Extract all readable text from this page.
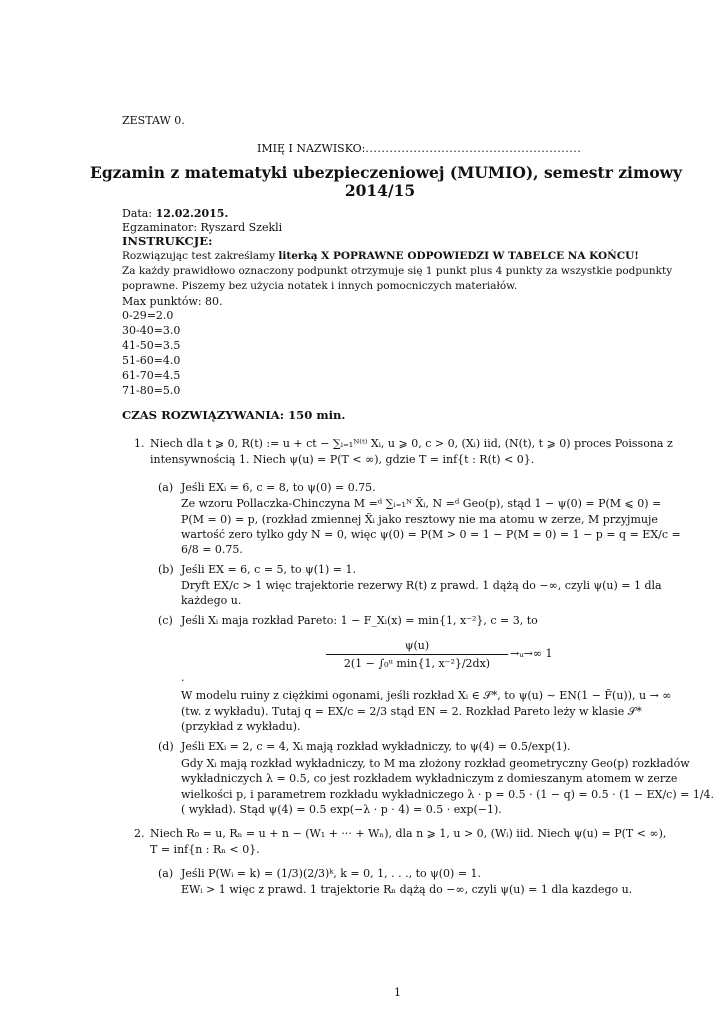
ZESTAW 0.
IMIĘ I NAZWISKO:......................................................
Egzamin z matematyki ubezpieczeniowej (MUMIO), semestr zimowy
2014/15
Data: 12.02.2015.
Egzaminator: Ryszard Szekli
INSTRUKCJE:
Rozwiązując test zakreślamy literką X POPRAWNE ODPOWIEDZI W TABELCE NA KOŃCU!
Za każdy prawidłowo oznaczony podpunkt otrzymuje się 1 punkt plus 4 punkty za wszystkie podpunkty
poprawne. Piszemy bez użycia notatek i innych pomocniczych materiałów.
Max punktów: 80.
0-29=2.0
30-40=3.0
41-50=3.5
51-60=4.0
61-70=4.5
71-80=5.0
CZAS ROZWIĄZYWANIA: 150 min.
1. Niech dla t ⩾ 0, R(t) := u + ct − ∑ᵢ₌₁ᴺ⁽ᵗ⁾ Xᵢ, u ⩾ 0, c > 0, (Xᵢ) iid, (N(t), t ⩾ 0) proces Poissona z
intensywnością 1. Niech ψ(u) = P(T < ∞), gdzie T = inf{t : R(t) < 0}.
(a) Jeśli EXᵢ = 6, c = 8, to ψ(0) = 0.75.
Ze wzoru Pollaczka-Chinczyna M =ᵈ ∑ᵢ₌₁ᴺ X̃ᵢ, N =ᵈ Geo(p), stąd 1 − ψ(0) = P(M ⩽ 0) =
P(M = 0) = p, (rozkład zmiennej X̃ᵢ jako resztowy nie ma atomu w zerze, M przyjmuje
wartość zero tylko gdy N = 0, więc ψ(0) = P(M > 0 = 1 − P(M = 0) = 1 − p = q = EX/c =
6/8 = 0.75.
(b) Jeśli EX = 6, c = 5, to ψ(1) = 1.
Dryft EX/c > 1 więc trajektorie rezerwy R(t) z prawd. 1 dążą do −∞, czyli ψ(u) = 1 dla
każdego u.
(c) Jeśli Xᵢ maja rozkład Pareto: 1 − F_Xᵢ(x) = min{1, x⁻²}, c = 3, to
ψ(u)
2(1 − ∫₀ᵘ min{1, x⁻²}/2dx)
→ᵤ→∞ 1
.
W modelu ruiny z ciężkimi ogonami, jeśli rozkład Xᵢ ∈ 𝒮*, to ψ(u) ∼ EN(1 − F̃(u)), u → ∞
(tw. z wykładu). Tutaj q = EX/c = 2/3 stąd EN = 2. Rozkład Pareto leży w klasie 𝒮*
(przykład z wykładu).
(d) Jeśli EXᵢ = 2, c = 4, Xᵢ mają rozkład wykładniczy, to ψ(4) = 0.5/exp(1).
Gdy Xᵢ mają rozkład wykładniczy, to M ma złożony rozkład geometryczny Geo(p) rozkładów
wykładniczych λ = 0.5, co jest rozkładem wykładniczym z domieszanym atomem w zerze
wielkości p, i parametrem rozkładu wykładniczego λ · p = 0.5 · (1 − q) = 0.5 · (1 − EX/c) = 1/4.
( wykład). Stąd ψ(4) = 0.5 exp(−λ · p · 4) = 0.5 · exp(−1).
2. Niech R₀ = u, Rₙ = u + n − (W₁ + ··· + Wₙ), dla n ⩾ 1, u > 0, (Wᵢ) iid. Niech ψ(u) = P(T < ∞),
T = inf{n : Rₙ < 0}.
(a) Jeśli P(Wᵢ = k) = (1/3)(2/3)ᵏ, k = 0, 1, . . ., to ψ(0) = 1.
EWᵢ > 1 więc z prawd. 1 trajektorie Rₙ dążą do −∞, czyli ψ(u) = 1 dla kazdego u.
1
